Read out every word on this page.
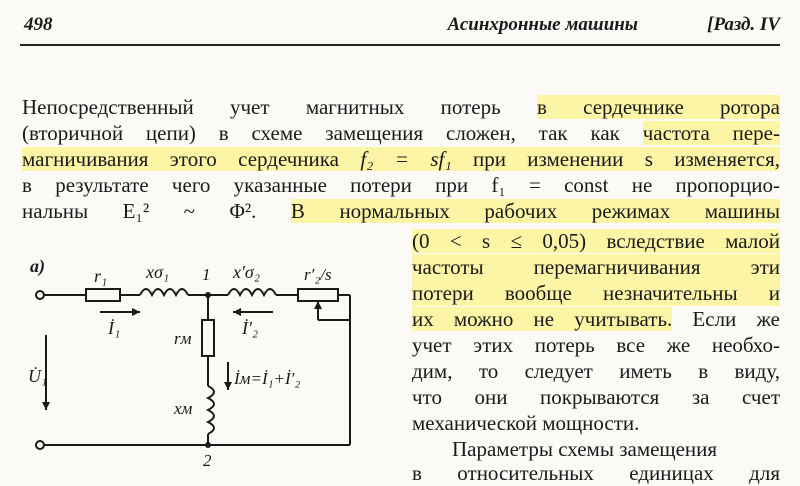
498	Асинхронные машины	[Разд. IV
Непосредственный учет магнитных потерь в сердечнике ротора
(вторичной цепи) в схеме замещения сложен, так как частота пере-
магничивания этого сердечника f₂ = sf₁ при изменении s изменяется,
в результате чего указанные потери при f₁ = const не пропорцио-
нальны E₁² ~ Φ². В нормальных рабочих режимах машины
(0 < s ≤ 0,05) вследствие малой
частоты перемагничивания эти
потери вообще незначительны и
их можно не учитывать. Если же
учет этих потерь все же необхо-
дим, то следует иметь в виду,
что они покрываются за счет
механической мощности.
Параметры схемы замещения
в относительных единицах для
а)	r₁ xσ₁ 1 x′σ₂	r′₂/s
İ₁	İ′₂
rм
xм
İм=İ₁+İ′₂
U̇₁
2
